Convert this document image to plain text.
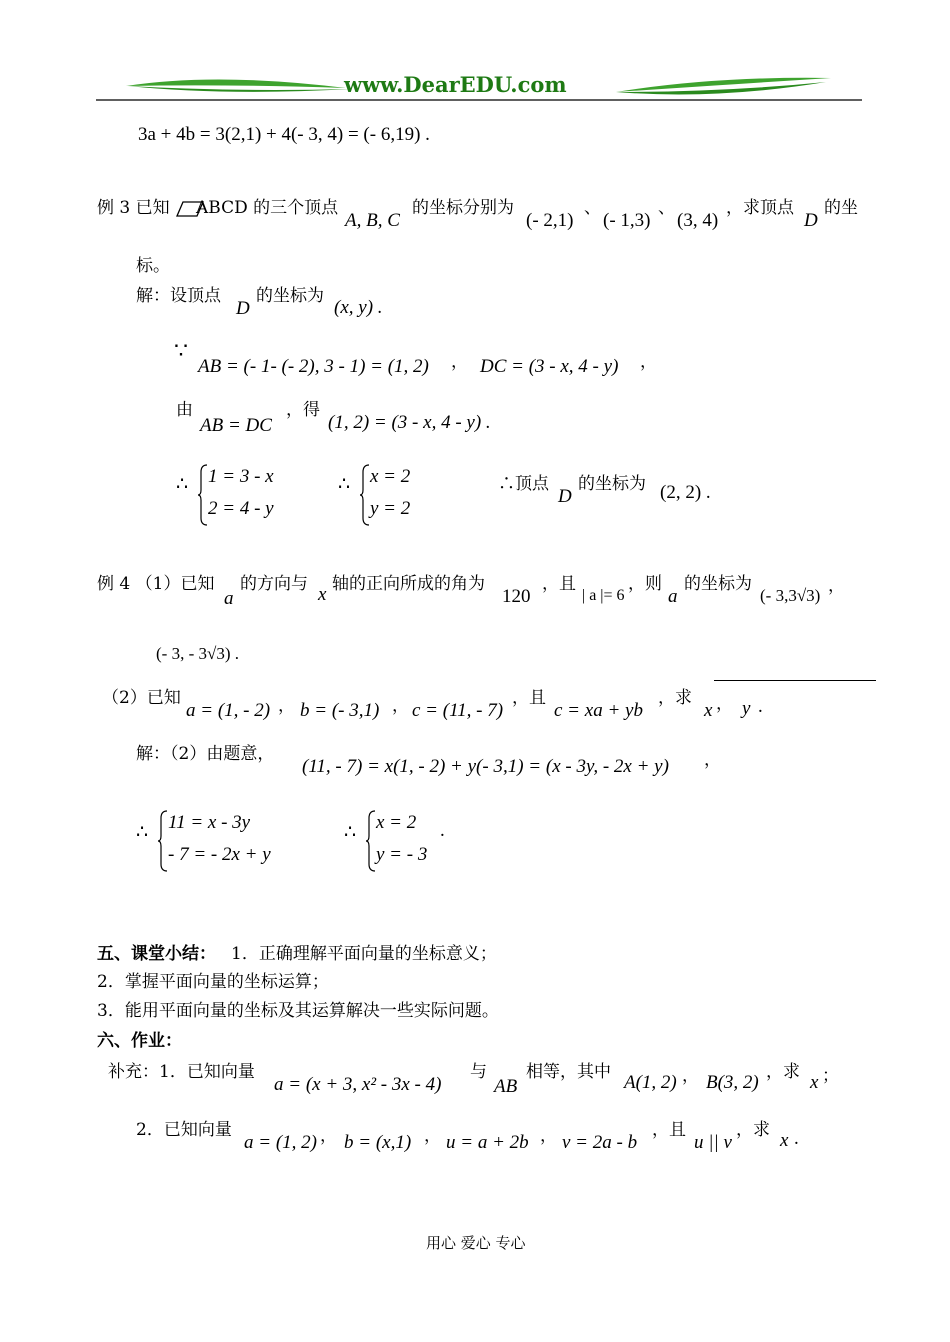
www.DearEDU.com
3a + 4b = 3(2,1) + 4(- 3, 4) = (- 6,19) .
例 3 已知 ABCD 的三个顶点
A, B, C
的坐标分别为
(- 2,1)
、
(- 1,3)
、
(3, 4)
，求顶点
D
的坐
标。
解：设顶点
D
的坐标为
(x, y) .
∵
AB = (- 1- (- 2), 3 - 1) = (1, 2) ， DC = (3 - x, 4 - y) ，
由
AB = DC
，得
(1, 2) = (3 - x, 4 - y) .
∴ 1 = 3 - x
2 = 4 - y
∴ x = 2
y = 2
∴顶点
D
的坐标为 (2, 2) .
例 4 （1）已知
a
的方向与 x 轴的正向所成的角为
120
，且
| a |= 6
，则
a
的坐标为
(- 3,3√3) ，
(- 3, - 3√3) .
（2）已知
a = (1, - 2) ， b = (- 3,1) ， c = (11, - 7)
，且
c = xa + yb
，求
x ， y .
解：（2）由题意，
(11, - 7) = x(1, - 2) + y(- 3,1) = (x - 3y, - 2x + y) ，
∴ 11 = x - 3y
- 7 = - 2x + y
∴ x = 2
y = - 3
.
五、课堂小结： 1．正确理解平面向量的坐标意义；
2．掌握平面向量的坐标运算；
3．能用平面向量的坐标及其运算解决一些实际问题。
六、作业：
补充：1．已知向量
a = (x + 3, x² - 3x - 4)
与
AB
相等，其中 A(1, 2) ， B(3, 2) ，求 x ；
2．已知向量
a = (1, 2) ， b = (x,1) ， u = a + 2b ， v = 2a - b
，且
u || v
，求 x .
用心 爱心 专心
